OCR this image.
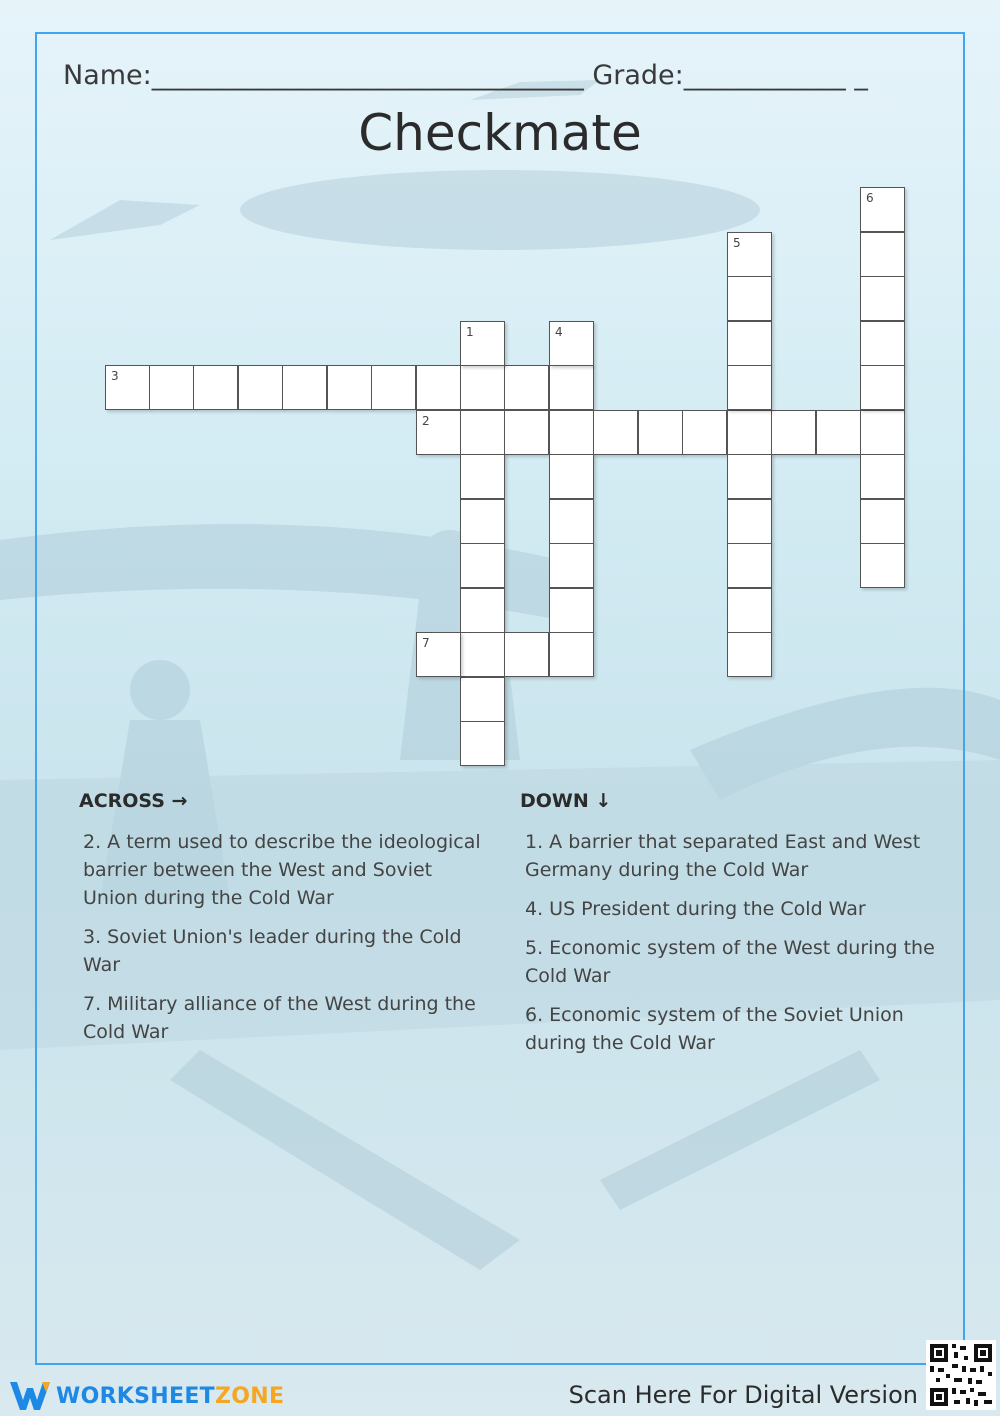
Name:________________________________ Grade:____________ _
Checkmate
3
2
1	4
7
5
6
ACROSS →	DOWN ↓
2. A term used to describe the ideological barrier between the West and Soviet Union during the Cold War
3. Soviet Union's leader during the Cold War
7. Military alliance of the West during the Cold War
1. A barrier that separated East and West Germany during the Cold War
4. US President during the Cold War
5. Economic system of the West during the Cold War
6. Economic system of the Soviet Union during the Cold War
WORKSHEETZONE	Scan Here For Digital Version
